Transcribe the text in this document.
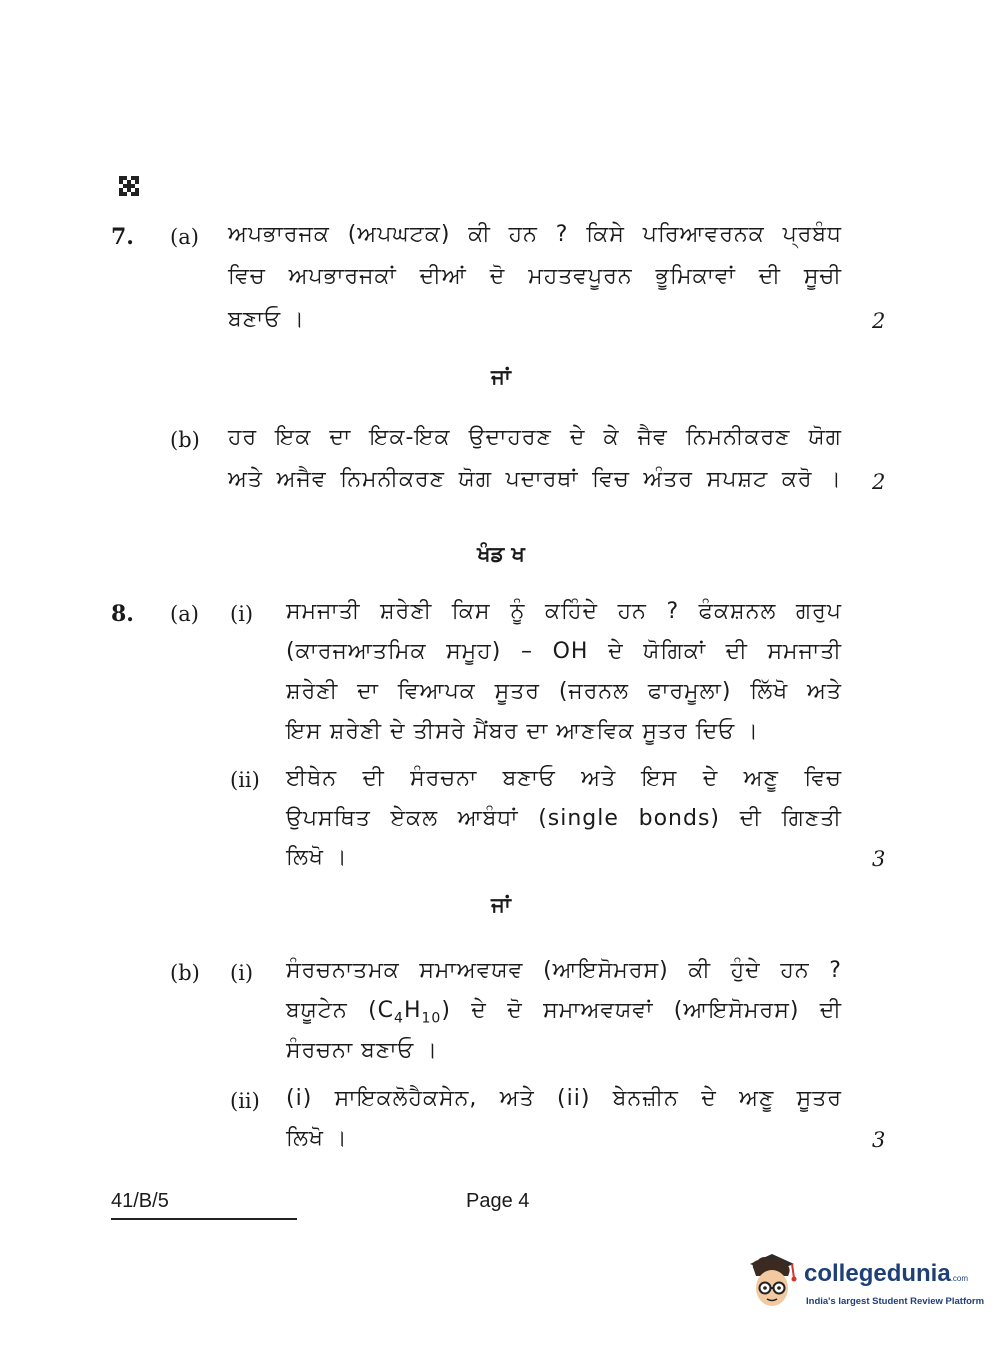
7. (a) ਅਪਭਾਰਜਕ (ਅਪਘਟਕ) ਕੀ ਹਨ ? ਕਿਸੇ ਪਰਿਆਵਰਨਕ ਪ੍ਰਬੰਧ
ਵਿਚ ਅਪਭਾਰਜਕਾਂ ਦੀਆਂ ਦੋ ਮਹਤਵਪੂਰਨ ਭੂਮਿਕਾਵਾਂ ਦੀ ਸੂਚੀ
ਬਣਾਓ ।	2
ਜਾਂ
(b) ਹਰ ਇਕ ਦਾ ਇਕ-ਇਕ ਉਦਾਹਰਣ ਦੇ ਕੇ ਜੈਵ ਨਿਮਨੀਕਰਣ ਯੋਗ
ਅਤੇ ਅਜੈਵ ਨਿਮਨੀਕਰਣ ਯੋਗ ਪਦਾਰਥਾਂ ਵਿਚ ਅੰਤਰ ਸਪਸ਼ਟ ਕਰੋ । 2
ਖੰਡ ਖ
8. (a) (i) ਸਮਜਾਤੀ ਸ਼ਰੇਣੀ ਕਿਸ ਨੂੰ ਕਹਿੰਦੇ ਹਨ ? ਫੰਕਸ਼ਨਲ ਗਰੁਪ
(ਕਾਰਜਆਤਮਿਕ ਸਮੂਹ) – OH ਦੇ ਯੋਗਿਕਾਂ ਦੀ ਸਮਜਾਤੀ
ਸ਼ਰੇਣੀ ਦਾ ਵਿਆਪਕ ਸੂਤਰ (ਜਰਨਲ ਫਾਰਮੂਲਾ) ਲਿੱਖੋ ਅਤੇ
ਇਸ ਸ਼ਰੇਣੀ ਦੇ ਤੀਸਰੇ ਮੈਂਬਰ ਦਾ ਆਣਵਿਕ ਸੂਤਰ ਦਿਓ ।
(ii) ਈਥੇਨ ਦੀ ਸੰਰਚਨਾ ਬਣਾਓ ਅਤੇ ਇਸ ਦੇ ਅਣੂ ਵਿਚ
ਉਪਸਥਿਤ ਏਕਲ ਆਬੰਧਾਂ (single bonds) ਦੀ ਗਿਣਤੀ
ਲਿਖੋ ।	3
ਜਾਂ
(b) (i) ਸੰਰਚਨਾਤਮਕ ਸਮਾਅਵਯਵ (ਆਇਸੋਮਰਸ) ਕੀ ਹੁੰਦੇ ਹਨ ?
ਬਯੂਟੇਨ $(C_4H_{10})$ ਦੇ ਦੋ ਸਮਾਅਵਯਵਾਂ (ਆਇਸੋਮਰਸ) ਦੀ
ਸੰਰਚਨਾ ਬਣਾਓ ।
(ii) (i) ਸਾਇਕਲੋਹੈਕਸੇਨ, ਅਤੇ (ii) ਬੇਨਜ਼ੀਨ ਦੇ ਅਣੂ ਸੂਤਰ
ਲਿਖੋ ।	3
41/B/5	Page 4
collegedunia.com
India's largest Student Review Platform
